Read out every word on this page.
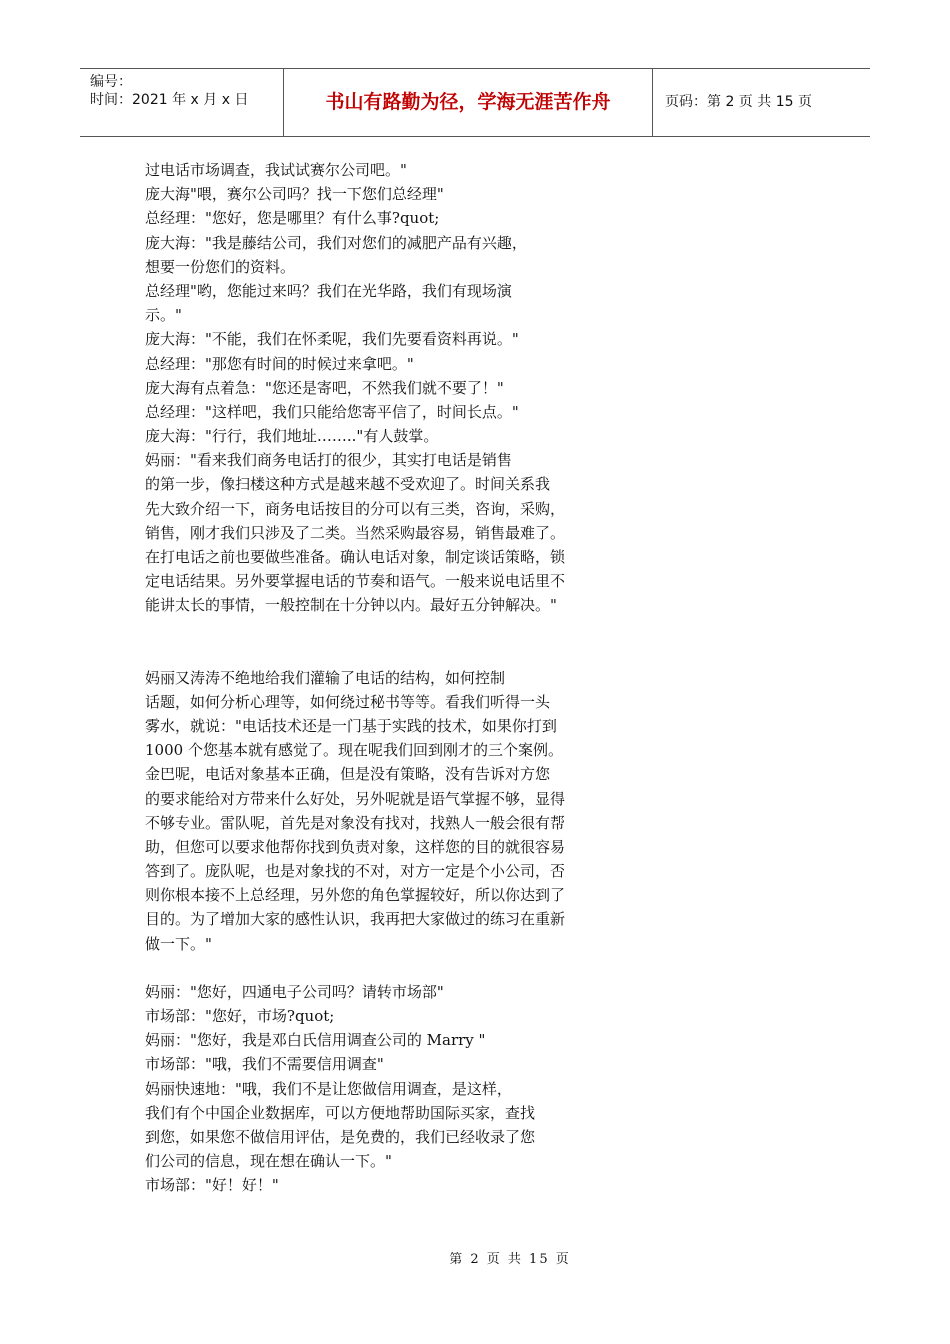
编号：
时间：2021 年 x 月 x 日	书山有路勤为径，学海无涯苦作舟	页码：第 2 页 共 15 页
过电话市场调查，我试试赛尔公司吧。"
庞大海"喂，赛尔公司吗？找一下您们总经理"
总经理："您好，您是哪里？有什么事?quot;
庞大海："我是藤结公司，我们对您们的减肥产品有兴趣，
想要一份您们的资料。
总经理"哟，您能过来吗？我们在光华路，我们有现场演
示。"
庞大海："不能，我们在怀柔呢，我们先要看资料再说。"
总经理："那您有时间的时候过来拿吧。"
庞大海有点着急："您还是寄吧，不然我们就不要了！"
总经理："这样吧，我们只能给您寄平信了，时间长点。"
庞大海："行行，我们地址…….."有人鼓掌。
妈丽："看来我们商务电话打的很少，其实打电话是销售
的第一步，像扫楼这种方式是越来越不受欢迎了。时间关系我
先大致介绍一下，商务电话按目的分可以有三类，咨询，采购，
销售，刚才我们只涉及了二类。当然采购最容易，销售最难了。
在打电话之前也要做些准备。确认电话对象，制定谈话策略，锁
定电话结果。另外要掌握电话的节奏和语气。一般来说电话里不
能讲太长的事情，一般控制在十分钟以内。最好五分钟解决。"
妈丽又涛涛不绝地给我们灌输了电话的结构，如何控制
话题，如何分析心理等，如何绕过秘书等等。看我们听得一头
雾水，就说："电话技术还是一门基于实践的技术，如果你打到
1000 个您基本就有感觉了。现在呢我们回到刚才的三个案例。
金巴呢，电话对象基本正确，但是没有策略，没有告诉对方您
的要求能给对方带来什么好处，另外呢就是语气掌握不够，显得
不够专业。雷队呢，首先是对象没有找对，找熟人一般会很有帮
助，但您可以要求他帮你找到负责对象，这样您的目的就很容易
答到了。庞队呢，也是对象找的不对，对方一定是个小公司，否
则你根本接不上总经理，另外您的角色掌握较好，所以你达到了
目的。为了增加大家的感性认识，我再把大家做过的练习在重新
做一下。"
妈丽："您好，四通电子公司吗？请转市场部"
市场部："您好，市场?quot;
妈丽："您好，我是邓白氏信用调查公司的 Marry "
市场部："哦，我们不需要信用调查"
妈丽快速地："哦，我们不是让您做信用调查，是这样，
我们有个中国企业数据库，可以方便地帮助国际买家，查找
到您，如果您不做信用评估，是免费的，我们已经收录了您
们公司的信息，现在想在确认一下。"
市场部："好！好！"
第 2 页 共 15 页
